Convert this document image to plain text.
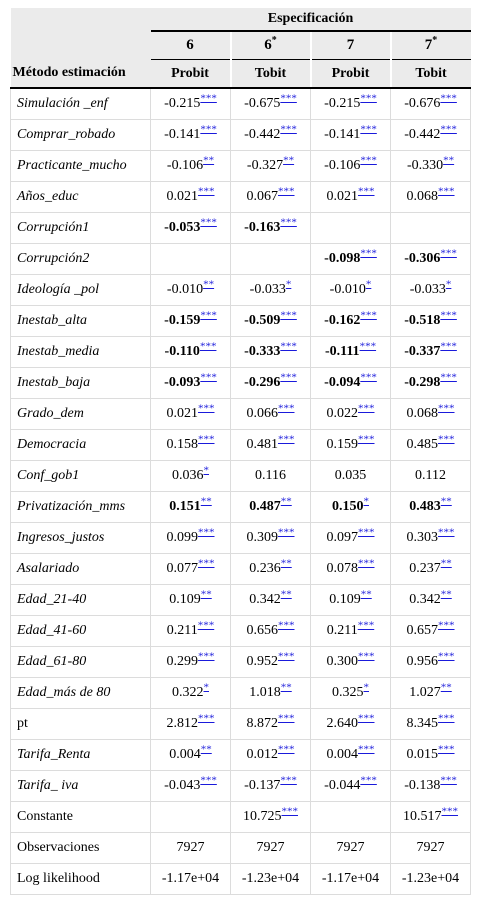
	Especificación			
	6	6*	7	7*
Método estimación	Probit	Tobit	Probit	Tobit
Simulación _enf	-0.215***	-0.675***	-0.215***	-0.676***
Comprar_robado	-0.141***	-0.442***	-0.141***	-0.442***
Practicante_mucho	-0.106**	-0.327**	-0.106***	-0.330**
Años_educ	0.021***	0.067***	0.021***	0.068***
Corrupción1	-0.053***	-0.163***		
Corrupción2			-0.098***	-0.306***
Ideología _pol	-0.010**	-0.033*	-0.010*	-0.033*
Inestab_alta	-0.159***	-0.509***	-0.162***	-0.518***
Inestab_media	-0.110***	-0.333***	-0.111***	-0.337***
Inestab_baja	-0.093***	-0.296***	-0.094***	-0.298***
Grado_dem	0.021***	0.066***	0.022***	0.068***
Democracia	0.158***	0.481***	0.159***	0.485***
Conf_gob1	0.036*	0.116	0.035	0.112
Privatización_mms	0.151**	0.487**	0.150*	0.483**
Ingresos_justos	0.099***	0.309***	0.097***	0.303***
Asalariado	0.077***	0.236**	0.078***	0.237**
Edad_21-40	0.109**	0.342**	0.109**	0.342**
Edad_41-60	0.211***	0.656***	0.211***	0.657***
Edad_61-80	0.299***	0.952***	0.300***	0.956***
Edad_más de 80	0.322*	1.018**	0.325*	1.027**
pt	2.812***	8.872***	2.640***	8.345***
Tarifa_Renta	0.004**	0.012***	0.004***	0.015***
Tarifa_ iva	-0.043***	-0.137***	-0.044***	-0.138***
Constante		10.725***		10.517***
Observaciones	7927	7927	7927	7927
Log likelihood	-1.17e+04	-1.23e+04	-1.17e+04	-1.23e+04
